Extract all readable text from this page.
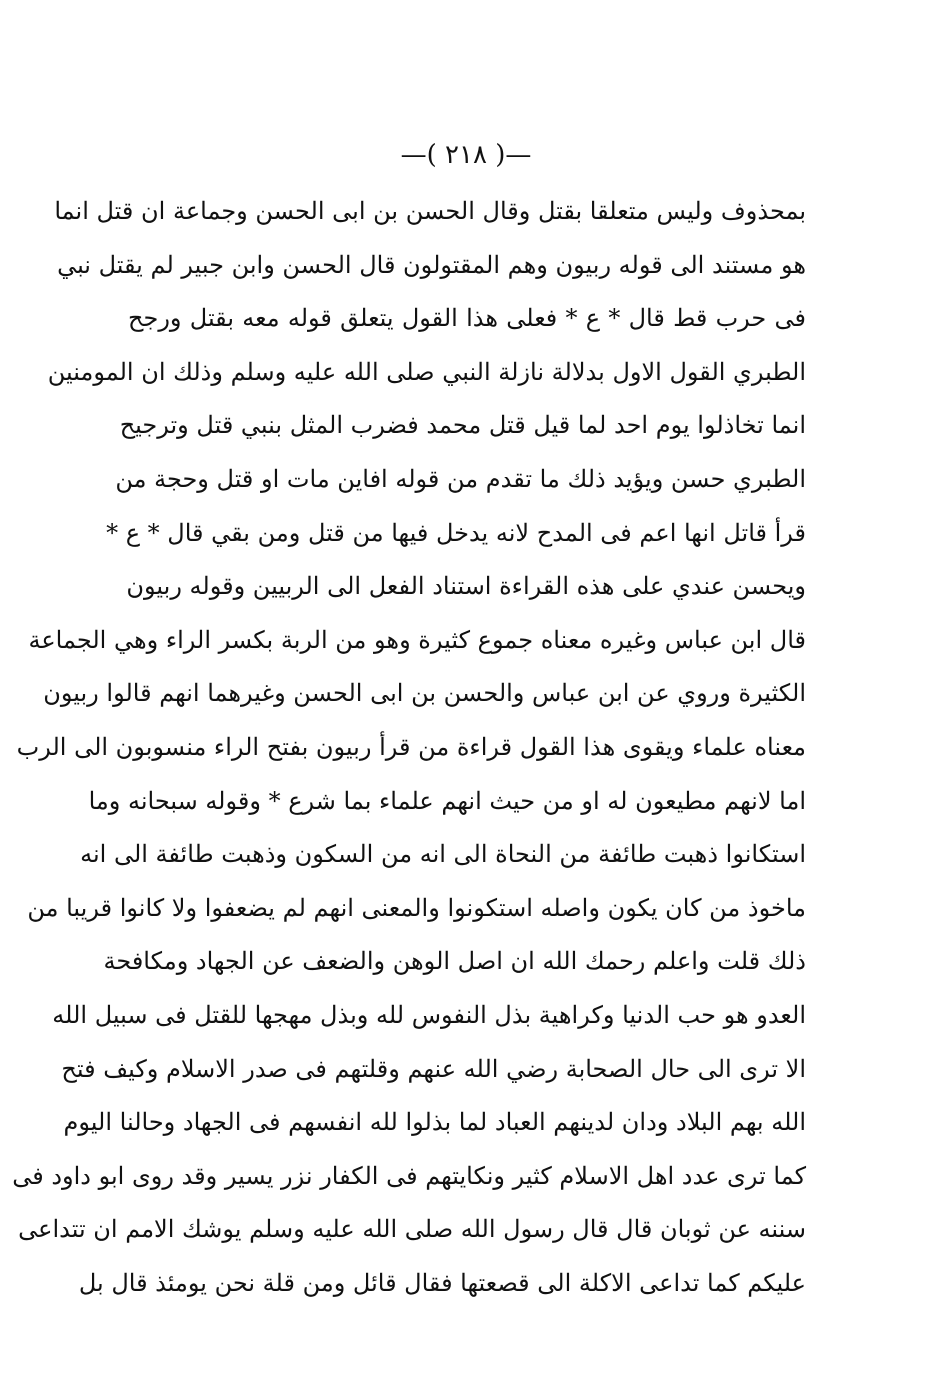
—( ٢١٨ )—
بمحذوف وليس متعلقا بقتل وقال الحسن بن ابى الحسن وجماعة ان قتل انما
هو مستند الى قوله ربيون وهم المقتولون قال الحسن وابن جبير لم يقتل نبي
فى حرب قط قال * ع * فعلى هذا القول يتعلق قوله معه بقتل ورجح
الطبري القول الاول بدلالة نازلة النبي صلى الله عليه وسلم وذلك ان المومنين
انما تخاذلوا يوم احد لما قيل قتل محمد فضرب المثل بنبي قتل وترجيح
الطبري حسن ويؤيد ذلك ما تقدم من قوله افاين مات او قتل وحجة من
قرأ قاتل انها اعم فى المدح لانه يدخل فيها من قتل ومن بقي قال * ع *
ويحسن عندي على هذه القراءة استناد الفعل الى الربيين وقوله ربيون
قال ابن عباس وغيره معناه جموع كثيرة وهو من الربة بكسر الراء وهي الجماعة
الكثيرة وروي عن ابن عباس والحسن بن ابى الحسن وغيرهما انهم قالوا ربيون
معناه علماء ويقوى هذا القول قراءة من قرأ ربيون بفتح الراء منسوبون الى الرب
اما لانهم مطيعون له او من حيث انهم علماء بما شرع * وقوله سبحانه وما
استكانوا ذهبت طائفة من النحاة الى انه من السكون وذهبت طائفة الى انه
ماخوذ من كان يكون واصله استكونوا والمعنى انهم لم يضعفوا ولا كانوا قريبا من
ذلك قلت واعلم رحمك الله ان اصل الوهن والضعف عن الجهاد ومكافحة
العدو هو حب الدنيا وكراهية بذل النفوس لله وبذل مهجها للقتل فى سبيل الله
الا ترى الى حال الصحابة رضي الله عنهم وقلتهم فى صدر الاسلام وكيف فتح
الله بهم البلاد ودان لدينهم العباد لما بذلوا لله انفسهم فى الجهاد وحالنا اليوم
كما ترى عدد اهل الاسلام كثير ونكايتهم فى الكفار نزر يسير وقد روى ابو داود فى
سننه عن ثوبان قال قال رسول الله صلى الله عليه وسلم يوشك الامم ان تتداعى
عليكم كما تداعى الاكلة الى قصعتها فقال قائل ومن قلة نحن يومئذ قال بل
